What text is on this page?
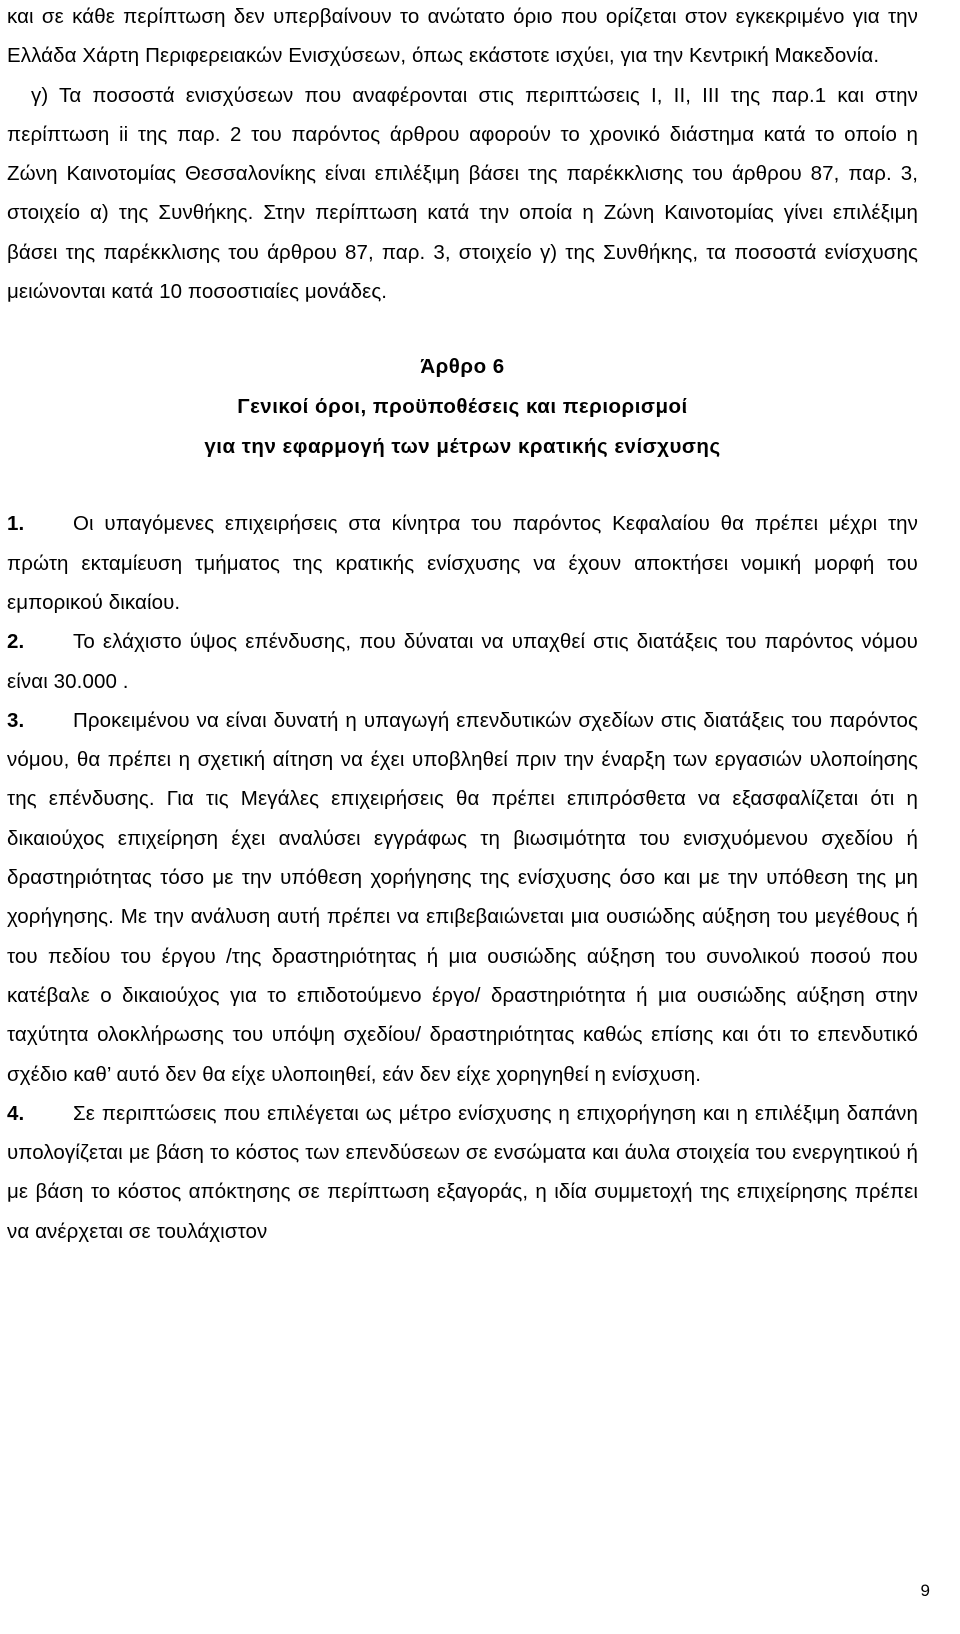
και σε κάθε περίπτωση δεν υπερβαίνουν το ανώτατο όριο που ορίζεται στον εγκεκριμένο για την Ελλάδα Χάρτη Περιφερειακών Ενισχύσεων, όπως εκάστοτε ισχύει, για την Κεντρική Μακεδονία.

γ) Τα ποσοστά ενισχύσεων που αναφέρονται στις περιπτώσεις I, II, III της παρ.1 και στην περίπτωση ii της παρ. 2 του παρόντος άρθρου αφορούν το χρονικό διάστημα κατά το οποίο η Ζώνη Καινοτομίας Θεσσαλονίκης είναι επιλέξιμη βάσει της παρέκκλισης του άρθρου 87, παρ. 3, στοιχείο α) της Συνθήκης. Στην περίπτωση κατά την οποία η Ζώνη Καινοτομίας γίνει επιλέξιμη βάσει της παρέκκλισης του άρθρου 87, παρ. 3, στοιχείο γ) της Συνθήκης, τα ποσοστά ενίσχυσης μειώνονται κατά 10 ποσοστιαίες μονάδες.

Άρθρο 6
Γενικοί όροι, προϋποθέσεις και περιορισμοί
για την εφαρμογή των μέτρων κρατικής ενίσχυσης

1. Οι υπαγόμενες επιχειρήσεις στα κίνητρα του παρόντος Κεφαλαίου θα πρέπει μέχρι την πρώτη εκταμίευση τμήματος της κρατικής ενίσχυσης να έχουν αποκτήσει νομική μορφή του εμπορικού δικαίου.

2. Το ελάχιστο ύψος επένδυσης, που δύναται να υπαχθεί στις διατάξεις του παρόντος νόμου είναι 30.000 .

3. Προκειμένου να είναι δυνατή η υπαγωγή επενδυτικών σχεδίων στις διατάξεις του παρόντος νόμου, θα πρέπει η σχετική αίτηση να έχει υποβληθεί πριν την έναρξη των εργασιών υλοποίησης της επένδυσης. Για τις Μεγάλες επιχειρήσεις θα πρέπει επιπρόσθετα να εξασφαλίζεται ότι η δικαιούχος επιχείρηση έχει αναλύσει εγγράφως τη βιωσιμότητα του ενισχυόμενου σχεδίου ή δραστηριότητας τόσο με την υπόθεση χορήγησης της ενίσχυσης όσο και με την υπόθεση της μη χορήγησης. Με την ανάλυση αυτή πρέπει να επιβεβαιώνεται μια ουσιώδης αύξηση του μεγέθους ή του πεδίου του έργου /της δραστηριότητας ή μια ουσιώδης αύξηση του συνολικού ποσού που κατέβαλε ο δικαιούχος για το επιδοτούμενο έργο/ δραστηριότητα ή μια ουσιώδης αύξηση στην ταχύτητα ολοκλήρωσης του υπόψη σχεδίου/ δραστηριότητας καθώς επίσης και ότι το επενδυτικό σχέδιο καθ’ αυτό δεν θα είχε υλοποιηθεί, εάν δεν είχε χορηγηθεί η ενίσχυση.

4. Σε περιπτώσεις που επιλέγεται ως μέτρο ενίσχυσης η επιχορήγηση και η επιλέξιμη δαπάνη υπολογίζεται με βάση το κόστος των επενδύσεων σε ενσώματα και άυλα στοιχεία του ενεργητικού ή με βάση το κόστος απόκτησης σε περίπτωση εξαγοράς, η ιδία συμμετοχή της επιχείρησης πρέπει να ανέρχεται σε τουλάχιστον

9
